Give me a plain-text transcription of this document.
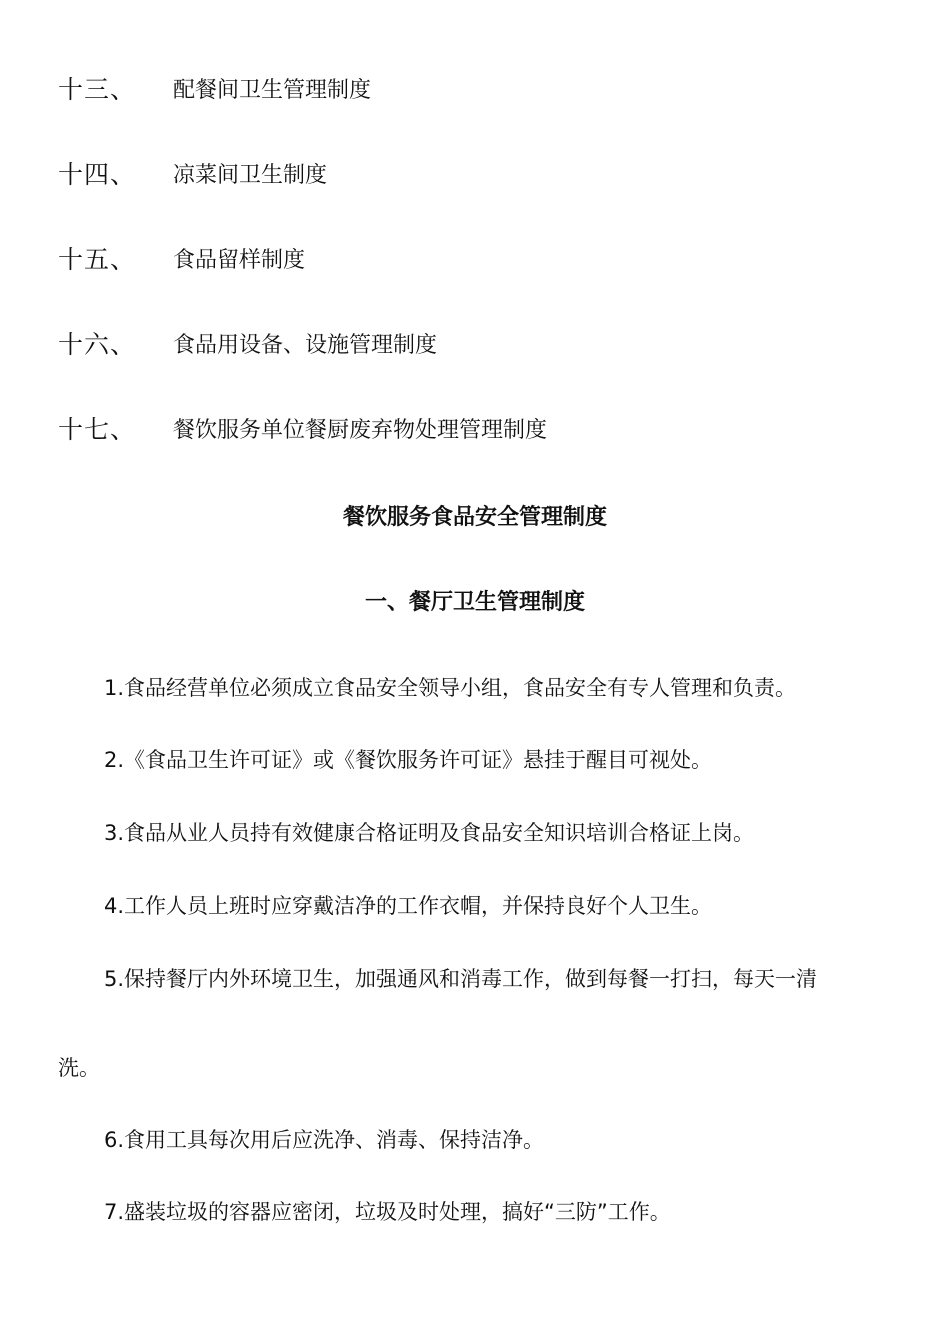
十三、	配餐间卫生管理制度
十四、	凉菜间卫生制度
十五、	食品留样制度
十六、	食品用设备、设施管理制度
十七、	餐饮服务单位餐厨废弃物处理管理制度
餐饮服务食品安全管理制度
一、餐厅卫生管理制度
1.食品经营单位必须成立食品安全领导小组，食品安全有专人管理和负责。
2.《食品卫生许可证》或《餐饮服务许可证》悬挂于醒目可视处。
3.食品从业人员持有效健康合格证明及食品安全知识培训合格证上岗。
4.工作人员上班时应穿戴洁净的工作衣帽，并保持良好个人卫生。
5.保持餐厅内外环境卫生，加强通风和消毒工作，做到每餐一打扫，每天一清
洗。
6.食用工具每次用后应洗净、消毒、保持洁净。
7.盛装垃圾的容器应密闭，垃圾及时处理，搞好“三防”工作。
